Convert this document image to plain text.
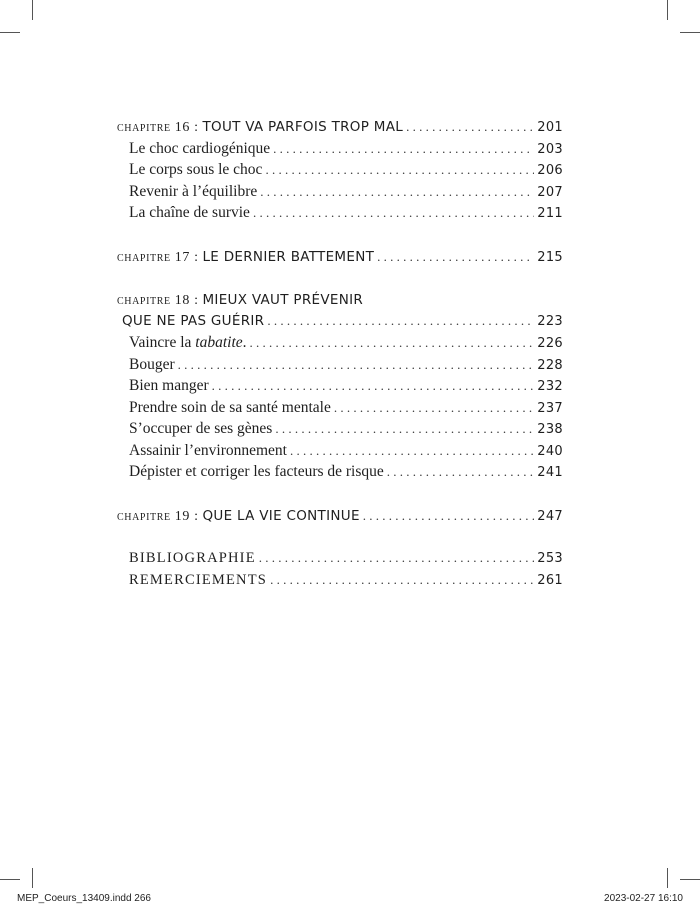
chapitre 16 : TOUT VA PARFOIS TROP MAL . . .	201
Le choc cardiogénique . . .	203
Le corps sous le choc . . .	206
Revenir à l’équilibre . . .	207
La chaîne de survie . . .	211
chapitre 17 : LE DERNIER BATTEMENT . . .	215
chapitre 18 : MIEUX VAUT PRÉVENIR
QUE NE PAS GUÉRIR . . .	223
Vaincre la tabatite. . . .	226
Bouger . . .	228
Bien manger . . .	232
Prendre soin de sa santé mentale . . .	237
S’occuper de ses gènes . . .	238
Assainir l’environnement . . .	240
Dépister et corriger les facteurs de risque . . .	241
chapitre 19 : QUE LA VIE CONTINUE . . .	247
BIBLIOGRAPHIE . . .	253
REMERCIEMENTS . . .	261
MEP_Coeurs_13409.indd 266	2023-02-27 16:10
